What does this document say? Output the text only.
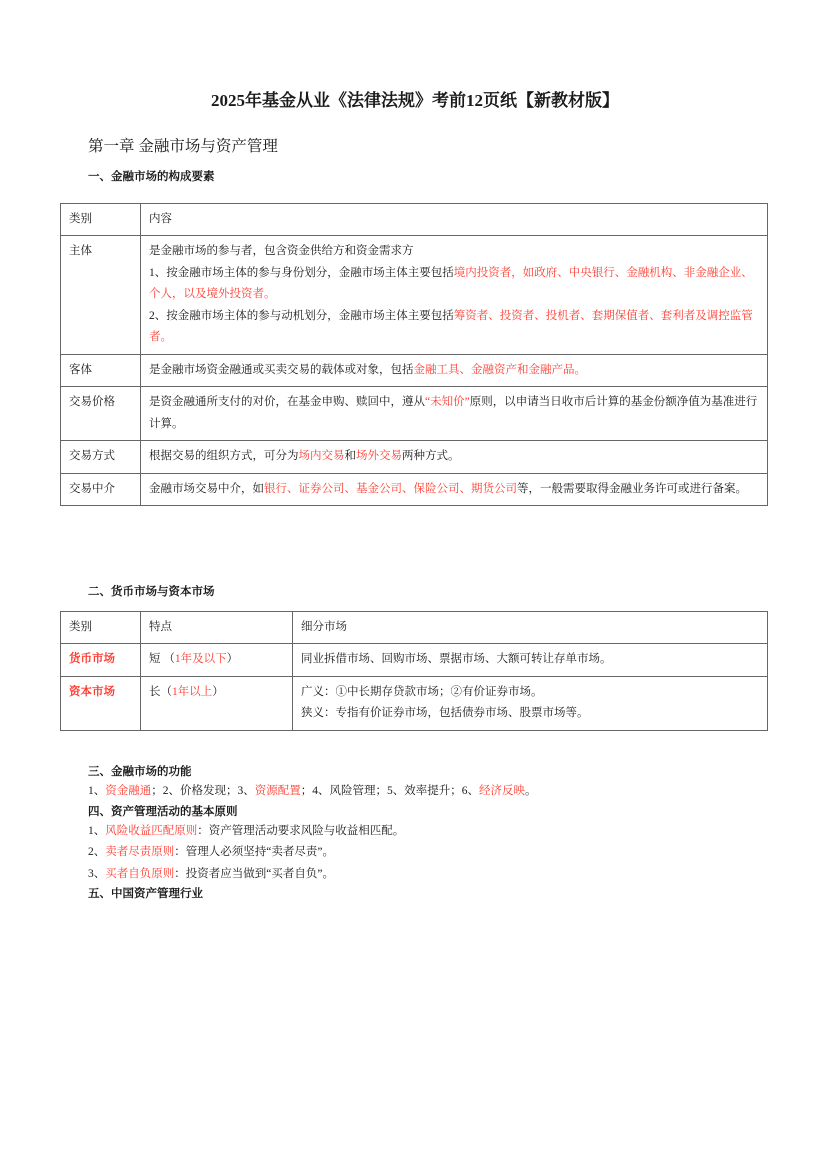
2025年基金从业《法律法规》考前12页纸【新教材版】
第一章 金融市场与资产管理
一、金融市场的构成要素
类别	内容
主体	是金融市场的参与者，包含资金供给方和资金需求方
1、按金融市场主体的参与身份划分，金融市场主体主要包括境内投资者，如政府、中央银行、金融机构、非金融企业、个人，以及境外投资者。
2、按金融市场主体的参与动机划分，金融市场主体主要包括筹资者、投资者、投机者、套期保值者、套利者及调控监管者。

客体	是金融市场资金融通或买卖交易的载体或对象，包括金融工具、金融资产和金融产品。

交易价格	是资金融通所支付的对价，在基金申购、赎回中，遵从“未知价”原则，以申请当日收市后计算的基金份额净值为基准进行计算。

交易方式	根据交易的组织方式，可分为场内交易和场外交易两种方式。

交易中介	金融市场交易中介，如银行、证券公司、基金公司、保险公司、期货公司等，一般需要取得金融业务许可或进行备案。
二、货币市场与资本市场
类别	特点	细分市场
货币市场	短 （1年及以下）	同业拆借市场、回购市场、票据市场、大额可转让存单市场。

资本市场	长（1年以上）	广义：①中长期存贷款市场；②有价证券市场。
狭义：专指有价证券市场，包括债券市场、股票市场等。
三、金融市场的功能
1、资金融通；2、价格发现；3、资源配置；4、风险管理；5、效率提升；6、经济反映。
四、资产管理活动的基本原则
1、风险收益匹配原则：资产管理活动要求风险与收益相匹配。
2、卖者尽责原则：管理人必须坚持“卖者尽责”。
3、买者自负原则：投资者应当做到“买者自负”。
五、中国资产管理行业
